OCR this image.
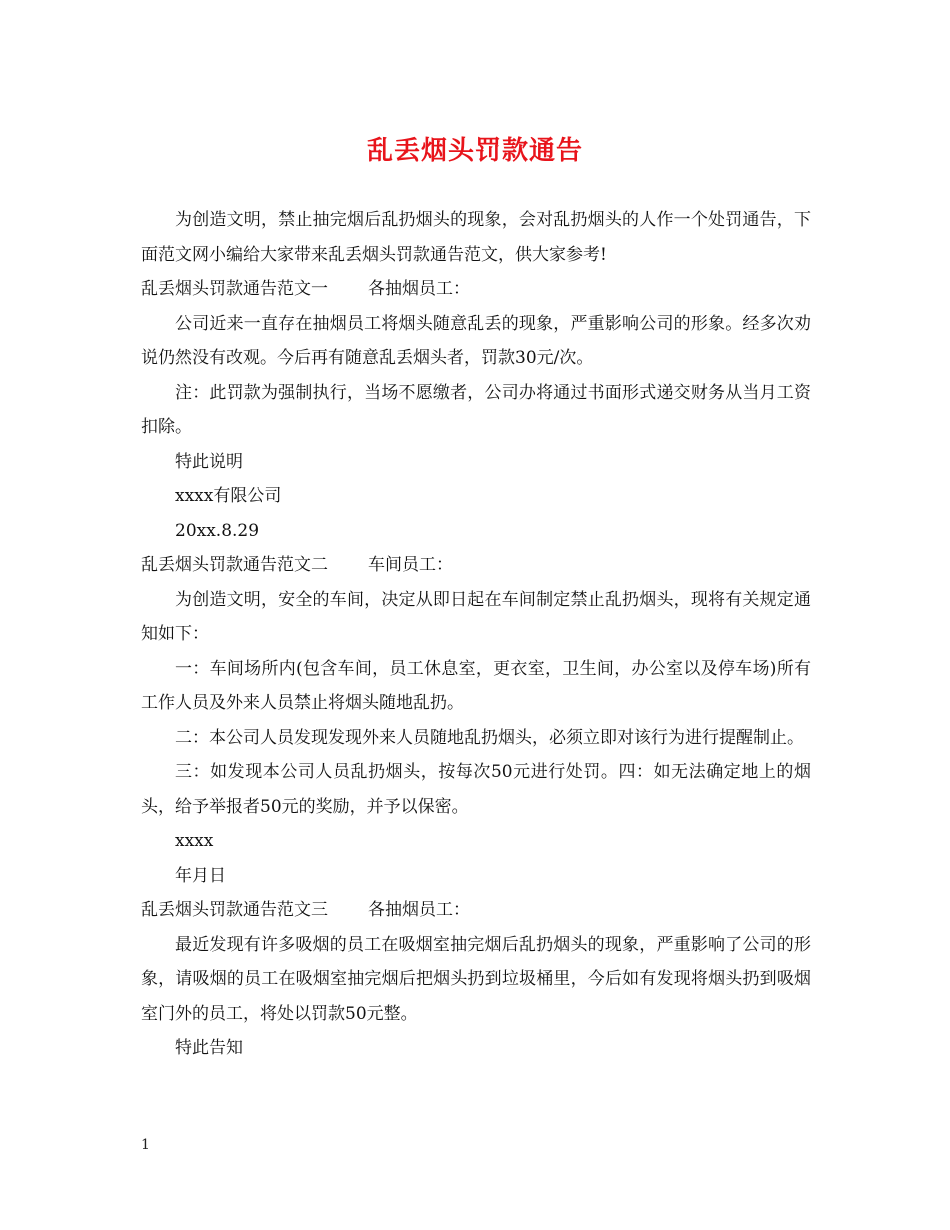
乱丢烟头罚款通告

为创造文明，禁止抽完烟后乱扔烟头的现象，会对乱扔烟头的人作一个处罚通告，下面范文网小编给大家带来乱丢烟头罚款通告范文，供大家参考!

乱丢烟头罚款通告范文一 各抽烟员工：

公司近来一直存在抽烟员工将烟头随意乱丢的现象，严重影响公司的形象。经多次劝说仍然没有改观。今后再有随意乱丢烟头者，罚款30元/次。

注：此罚款为强制执行，当场不愿缴者，公司办将通过书面形式递交财务从当月工资扣除。

特此说明

xxxx有限公司

20xx.8.29

乱丢烟头罚款通告范文二 车间员工：

为创造文明，安全的车间，决定从即日起在车间制定禁止乱扔烟头，现将有关规定通知如下：

一：车间场所内(包含车间，员工休息室，更衣室，卫生间，办公室以及停车场)所有工作人员及外来人员禁止将烟头随地乱扔。

二：本公司人员发现发现外来人员随地乱扔烟头，必须立即对该行为进行提醒制止。

三：如发现本公司人员乱扔烟头，按每次50元进行处罚。四：如无法确定地上的烟头，给予举报者50元的奖励，并予以保密。

xxxx

年月日

乱丢烟头罚款通告范文三 各抽烟员工：

最近发现有许多吸烟的员工在吸烟室抽完烟后乱扔烟头的现象，严重影响了公司的形象，请吸烟的员工在吸烟室抽完烟后把烟头扔到垃圾桶里，今后如有发现将烟头扔到吸烟室门外的员工，将处以罚款50元整。

特此告知

1
